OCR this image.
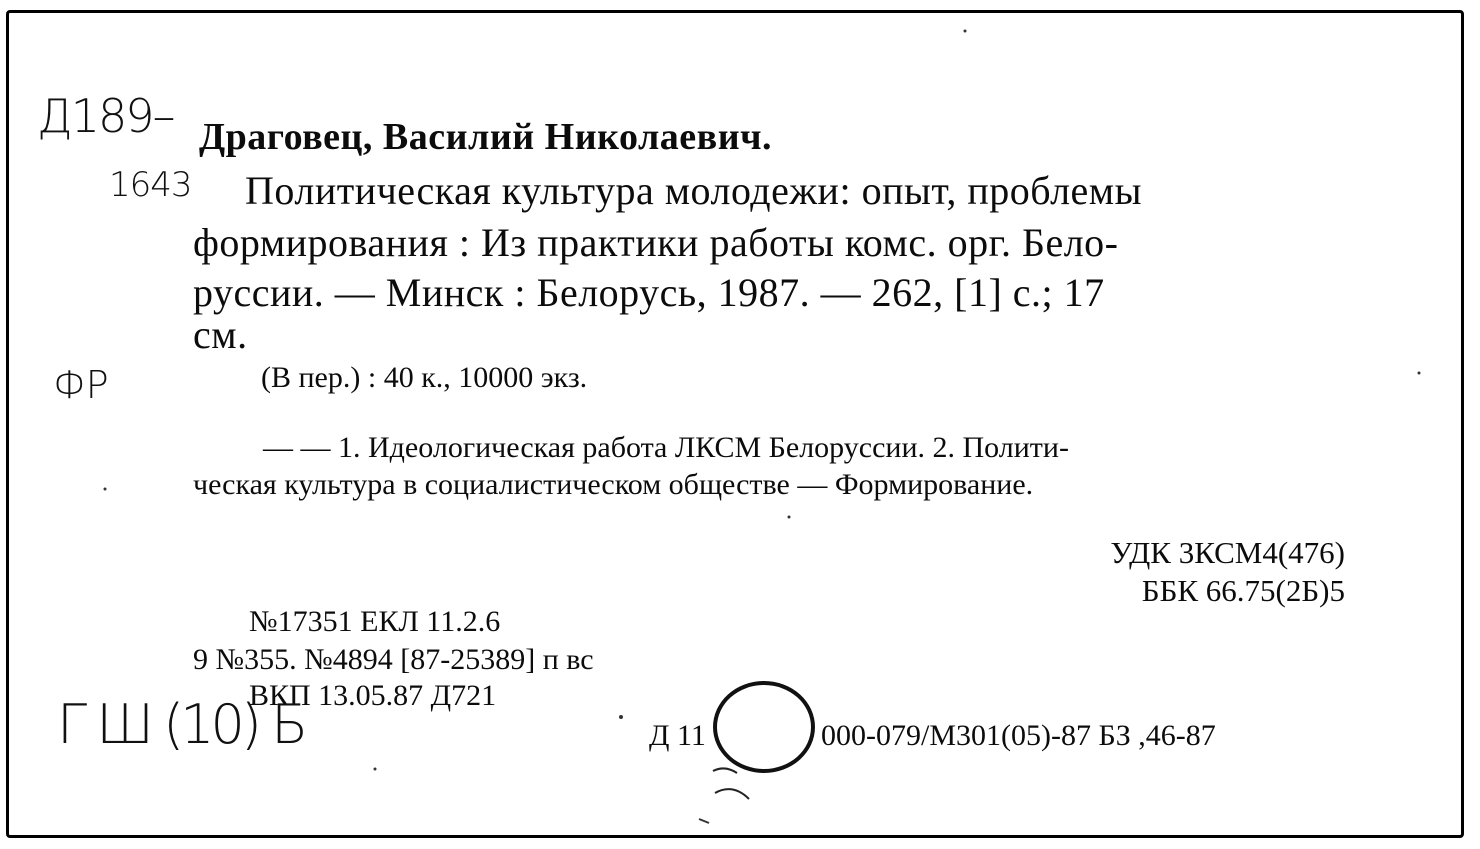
Д189–
1643
Драговец, Василий Николаевич.
Политическая культура молодежи: опыт, проблемы
формирования : Из практики работы комс. орг. Бело-
руссии. — Минск : Белорусь, 1987. — 262, [1] с.; 17
см.
ФР	(В пер.) : 40 к., 10000 экз.
— — 1. Идеологическая работа ЛКСМ Белоруссии. 2. Полити-
ческая культура в социалистическом обществе — Формирование.
УДК 3КСМ4(476)
ББК 66.75(2Б)5
№17351 ЕКЛ 11.2.6
9 №355. №4894 [87-25389] п вс
ВКП 13.05.87 Д721
Г Ш (10) Б	Д 11	000-079/М301(05)-87 БЗ ,46-87
